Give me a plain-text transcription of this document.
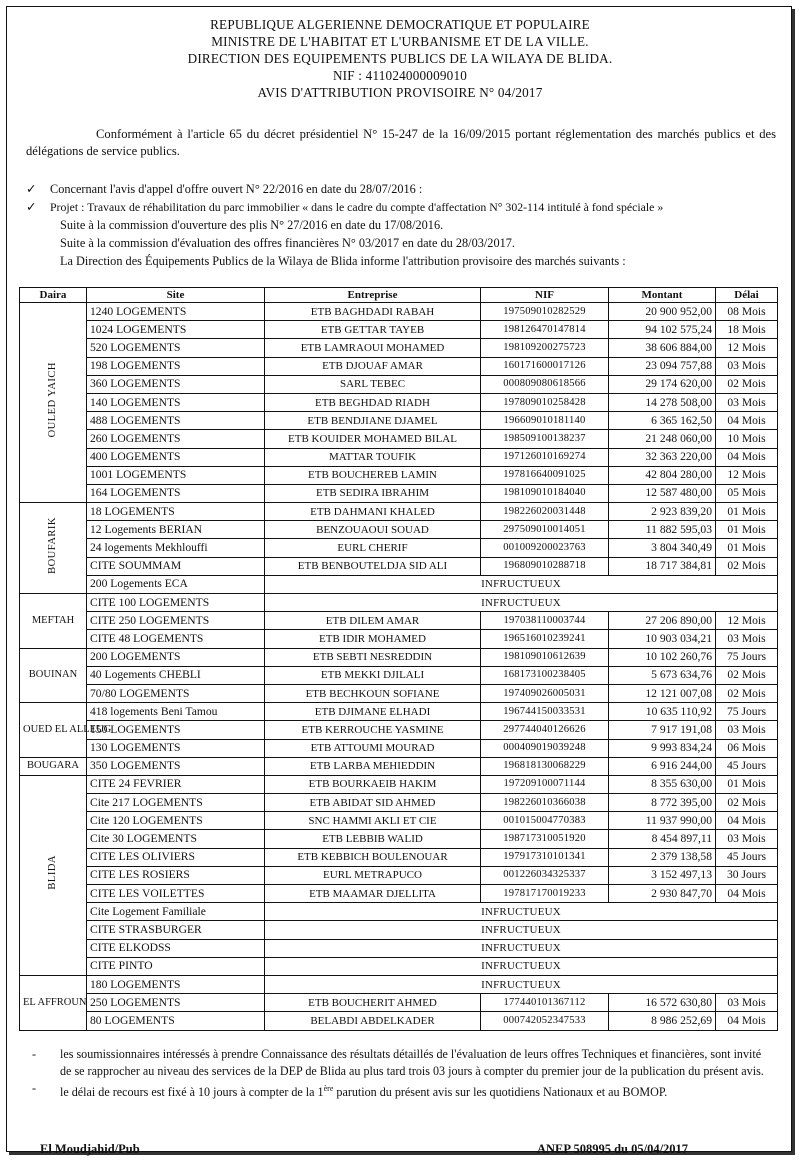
REPUBLIQUE ALGERIENNE DEMOCRATIQUE ET POPULAIRE
MINISTRE DE L'HABITAT ET L'URBANISME ET DE LA VILLE.
DIRECTION DES EQUIPEMENTS PUBLICS DE LA WILAYA DE BLIDA.
NIF : 411024000009010
AVIS D'ATTRIBUTION PROVISOIRE N° 04/2017
Conformément à l'article 65 du décret présidentiel N° 15-247 de la 16/09/2015 portant réglementation des marchés publics et des délégations de service publics.
✓ Concernant l'avis d'appel d'offre ouvert N° 22/2016 en date du 28/07/2016 :
✓ Projet : Travaux de réhabilitation du parc immobilier « dans le cadre du compte d'affectation N° 302-114 intitulé à fond spéciale »
Suite à la commission d'ouverture des plis N° 27/2016 en date du 17/08/2016.
Suite à la commission d'évaluation des offres financières N° 03/2017 en date du 28/03/2017.
La Direction des Équipements Publics de la Wilaya de Blida informe l'attribution provisoire des marchés suivants :
Daira	Site	Entreprise	NIF	Montant	Délai
OULED YAICH	1240 LOGEMENTS	ETB BAGHDADI RABAH	197509010282529	20 900 952,00	08 Mois
	1024 LOGEMENTS	ETB GETTAR TAYEB	198126470147814	94 102 575,24	18 Mois
	520 LOGEMENTS	ETB LAMRAOUI MOHAMED	198109200275723	38 606 884,00	12 Mois
	198 LOGEMENTS	ETB DJOUAF AMAR	160171600017126	23 094 757,88	03 Mois
	360 LOGEMENTS	SARL TEBEC	000809080618566	29 174 620,00	02 Mois
	140 LOGEMENTS	ETB BEGHDAD RIADH	197809010258428	14 278 508,00	03 Mois
	488 LOGEMENTS	ETB BENDJIANE DJAMEL	196609010181140	6 365 162,50	04 Mois
	260 LOGEMENTS	ETB KOUIDER MOHAMED BILAL	198509100138237	21 248 060,00	10 Mois
	400 LOGEMENTS	MATTAR TOUFIK	197126010169274	32 363 220,00	04 Mois
	1001 LOGEMENTS	ETB BOUCHEREB LAMIN	197816640091025	42 804 280,00	12 Mois
	164 LOGEMENTS	ETB SEDIRA IBRAHIM	198109010184040	12 587 480,00	05 Mois
BOUFARIK	18 LOGEMENTS	ETB DAHMANI KHALED	198226020031448	2 923 839,20	01 Mois
	12 Logements BERIAN	BENZOUAOUI SOUAD	297509010014051	11 882 595,03	01 Mois
	24 logements Mekhlouffi	EURL CHERIF	001009200023763	3 804 340,49	01 Mois
	CITE SOUMMAM	ETB BENBOUTELDJA SID ALI	196809010288718	18 717 384,81	02 Mois
	200 Logements ECA	INFRUCTUEUX			
MEFTAH	CITE 100 LOGEMENTS	INFRUCTUEUX			
	CITE 250 LOGEMENTS	ETB DILEM AMAR	197038110003744	27 206 890,00	12 Mois
	CITE 48 LOGEMENTS	ETB IDIR MOHAMED	196516010239241	10 903 034,21	03 Mois
BOUINAN	200 LOGEMENTS	ETB SEBTI NESREDDIN	198109010612639	10 102 260,76	75 Jours
	40 Logements CHEBLI	ETB MEKKI DJILALI	168173100238405	5 673 634,76	02 Mois
	70/80 LOGEMENTS	ETB BECHKOUN SOFIANE	197409026005031	12 121 007,08	02 Mois
OUED EL ALLEUG	418 logements Beni Tamou	ETB DJIMANE ELHADI	196744150033531	10 635 110,92	75 Jours
	150 LOGEMENTS	ETB KERROUCHE YASMINE	297744040126626	7 917 191,08	03 Mois
	130 LOGEMENTS	ETB ATTOUMI MOURAD	000409019039248	9 993 834,24	06 Mois
BOUGARA	350 LOGEMENTS	ETB LARBA MEHIEDDIN	196818130068229	6 916 244,00	45 Jours
BLIDA	CITE 24 FEVRIER	ETB BOURKAEIB HAKIM	197209100071144	8 355 630,00	01 Mois
	Cite 217 LOGEMENTS	ETB ABIDAT SID AHMED	198226010366038	8 772 395,00	02 Mois
	Cite 120 LOGEMENTS	SNC HAMMI AKLI ET CIE	001015004770383	11 937 990,00	04 Mois
	Cite 30 LOGEMENTS	ETB LEBBIB WALID	198717310051920	8 454 897,11	03 Mois
	CITE LES OLIVIERS	ETB KEBBICH BOULENOUAR	197917310101341	2 379 138,58	45 Jours
	CITE LES ROSIERS	EURL METRAPUCO	001226034325337	3 152 497,13	30 Jours
	CITE LES VOILETTES	ETB MAAMAR DJELLITA	197817170019233	2 930 847,70	04 Mois
	Cite Logement Familiale	INFRUCTUEUX			
	CITE STRASBURGER	INFRUCTUEUX			
	CITE ELKODSS	INFRUCTUEUX			
	CITE PINTO	INFRUCTUEUX			
EL AFFROUN	180 LOGEMENTS	INFRUCTUEUX			
	250 LOGEMENTS	ETB BOUCHERIT AHMED	177440101367112	16 572 630,80	03 Mois
	80 LOGEMENTS	BELABDI ABDELKADER	000742052347533	8 986 252,69	04 Mois
- les soumissionnaires intéressés à prendre Connaissance des résultats détaillés de l'évaluation de leurs offres Techniques et financières, sont invité de se rapprocher au niveau des services de la DEP de Blida au plus tard trois 03 jours à compter du premier jour de la publication du présent avis.
- le délai de recours est fixé à 10 jours à compter de la 1ère parution du présent avis sur les quotidiens Nationaux et au BOMOP.
El Moudjahid/Pub	ANEP 508995 du 05/04/2017
